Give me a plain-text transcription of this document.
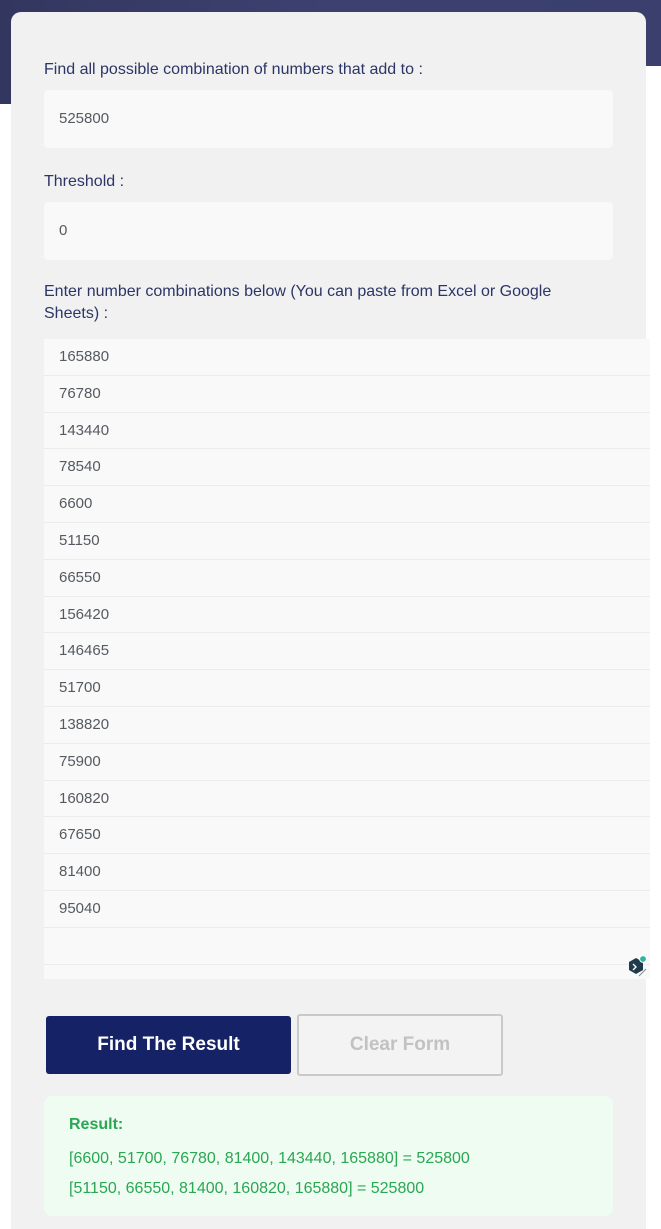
Find all possible combination of numbers that add to :
525800
Threshold :
0
Enter number combinations below (You can paste from Excel or Google Sheets) :
165880
76780
143440
78540
6600
51150
66550
156420
146465
51700
138820
75900
160820
67650
81400
95040
Find The Result	Clear Form
Result:
[6600, 51700, 76780, 81400, 143440, 165880] = 525800
[51150, 66550, 81400, 160820, 165880] = 525800
